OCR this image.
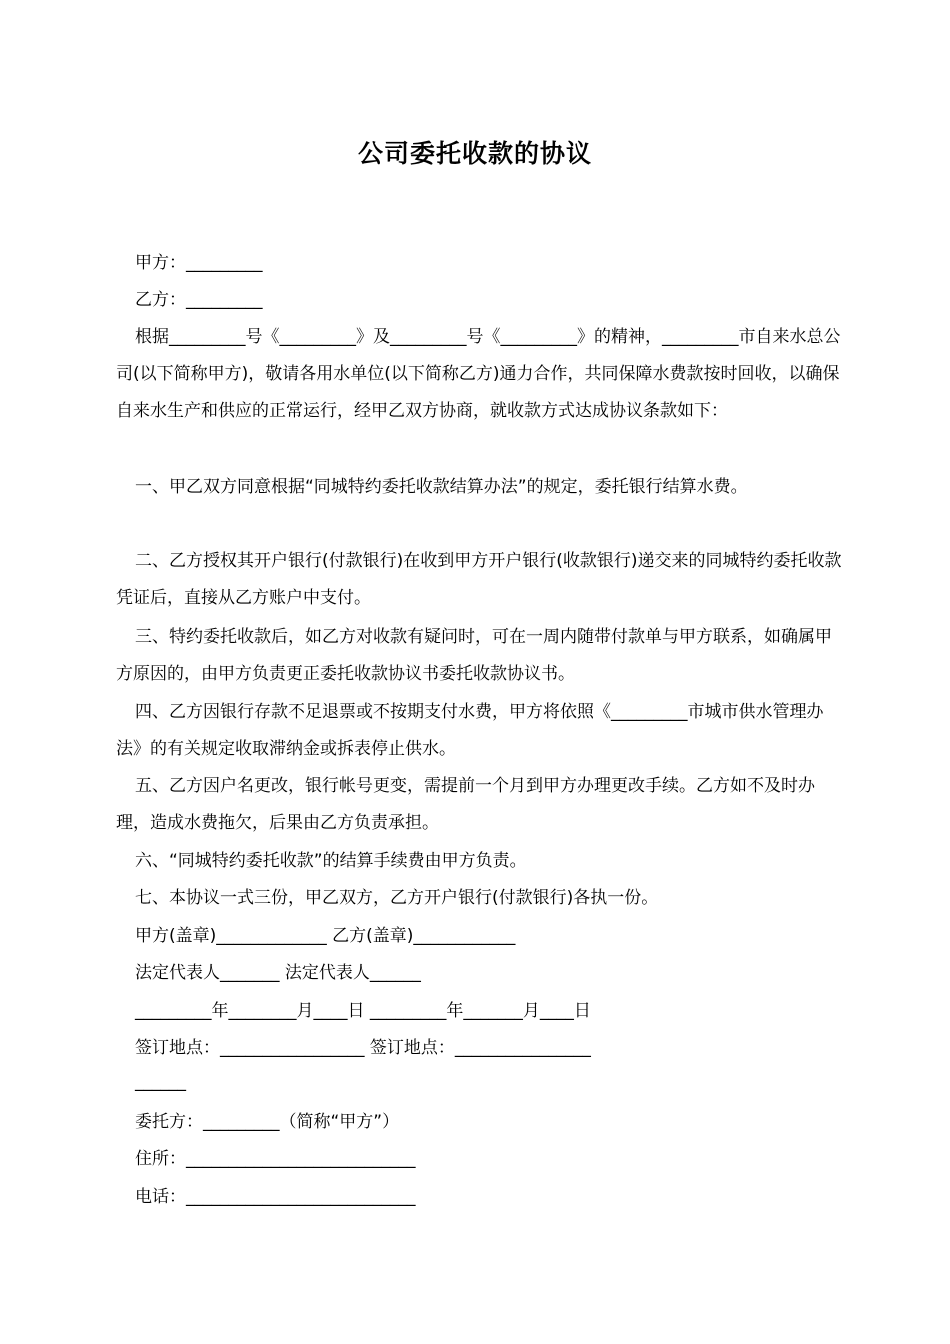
公司委托收款的协议
甲方：_________
乙方：_________
根据_________号《_________》及_________号《_________》的精神，_________市自来水总公司(以下简称甲方)，敬请各用水单位(以下简称乙方)通力合作，共同保障水费款按时回收，以确保自来水生产和供应的正常运行，经甲乙双方协商，就收款方式达成协议条款如下：
一、甲乙双方同意根据“同城特约委托收款结算办法”的规定，委托银行结算水费。
二、乙方授权其开户银行(付款银行)在收到甲方开户银行(收款银行)递交来的同城特约委托收款凭证后，直接从乙方账户中支付。
三、特约委托收款后，如乙方对收款有疑问时，可在一周内随带付款单与甲方联系，如确属甲方原因的，由甲方负责更正委托收款协议书委托收款协议书。
四、乙方因银行存款不足退票或不按期支付水费，甲方将依照《_________市城市供水管理办法》的有关规定收取滞纳金或拆表停止供水。
五、乙方因户名更改，银行帐号更变，需提前一个月到甲方办理更改手续。乙方如不及时办理，造成水费拖欠，后果由乙方负责承担。
六、“同城特约委托收款”的结算手续费由甲方负责。
七、本协议一式三份，甲乙双方，乙方开户银行(付款银行)各执一份。
甲方(盖章)_____________ 乙方(盖章)____________
法定代表人_______ 法定代表人______
_________年________月____日 _________年_______月____日
签订地点：_________________ 签订地点：________________
______
委托方：_________（简称“甲方”）
住所：___________________________
电话：___________________________
